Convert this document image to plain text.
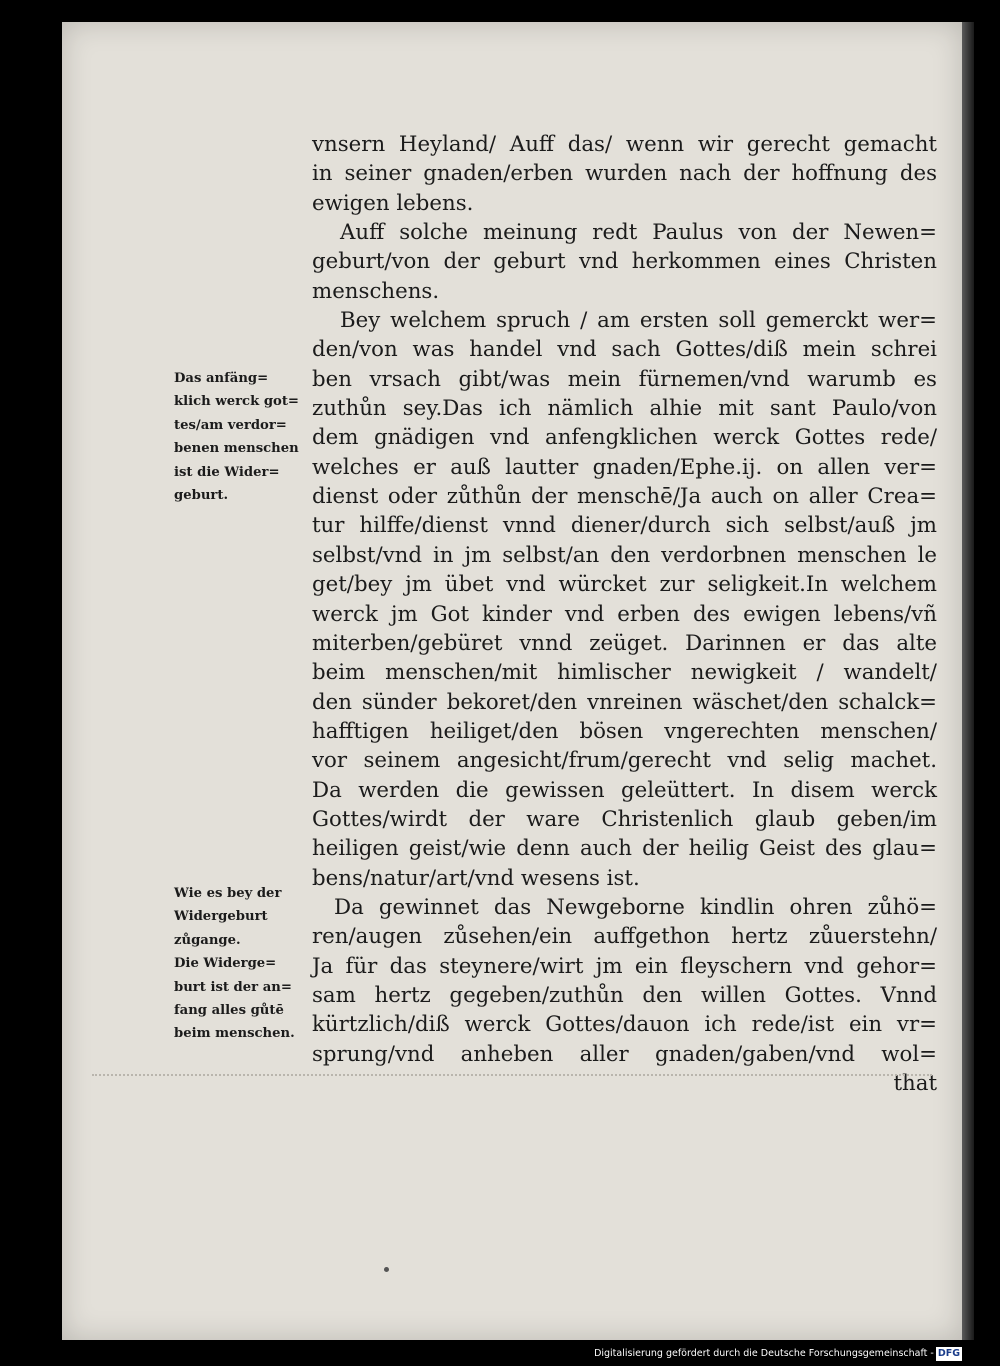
vnsern Heyland/ Auff das/ wenn wir gerecht gemacht
in seiner gnaden/erben wurden nach der hoffnung des
ewigen lebens.
Auff solche meinung redt Paulus von der Newen=
geburt/von der geburt vnd herkommen eines Christen
menschens.
Bey welchem spruch / am ersten soll gemerckt wer=
den/von was handel vnd sach Gottes/diß mein schrei
ben vrsach gibt/was mein fürnemen/vnd warumb es
zuthůn sey.Das ich nämlich alhie mit sant Paulo/von
dem gnädigen vnd anfengklichen werck Gottes rede/
welches er auß lautter gnaden/Ephe.ij. on allen ver=
dienst oder zůthůn der menschē/Ja auch on aller Crea=
tur hilffe/dienst vnnd diener/durch sich selbst/auß jm
selbst/vnd in jm selbst/an den verdorbnen menschen le
get/bey jm übet vnd würcket zur seligkeit.In welchem
werck jm Got kinder vnd erben des ewigen lebens/vñ
miterben/gebüret vnnd zeüget. Darinnen er das alte
beim menschen/mit himlischer newigkeit / wandelt/
den sünder bekoret/den vnreinen wäschet/den schalck=
hafftigen heiliget/den bösen vngerechten menschen/
vor seinem angesicht/frum/gerecht vnd selig machet.
Da werden die gewissen geleüttert. In disem werck
Gottes/wirdt der ware Christenlich glaub geben/im
heiligen geist/wie denn auch der heilig Geist des glau=
bens/natur/art/vnd wesens ist.
Da gewinnet das Newgeborne kindlin ohren zůhö=
ren/augen zůsehen/ein auffgethon hertz zůuerstehn/
Ja für das steynere/wirt jm ein fleyschern vnd gehor=
sam hertz gegeben/zuthůn den willen Gottes. Vnnd
kürtzlich/diß werck Gottes/dauon ich rede/ist ein vr=
sprung/vnd anheben aller gnaden/gaben/vnd wol=
that
Das anfäng=
klich werck got=
tes/am verdor=
benen menschen
ist die Wider=
geburt.
Wie es bey der
Widergeburt
zůgange.
Die Widerge=
burt ist der an=
fang alles gůtē
beim menschen.
Digitalisierung gefördert durch die Deutsche Forschungsgemeinschaft - DFG
